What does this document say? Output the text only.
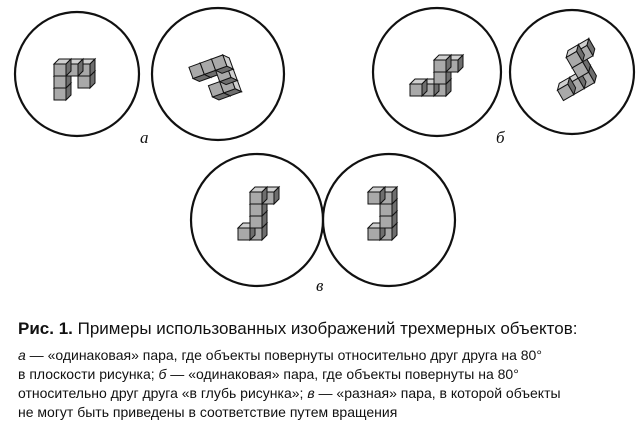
а	б
в
Рис. 1. Примеры использованных изображений трехмерных объектов:

а — «одинаковая» пара, где объекты повернуты относительно друг друга на 80°

в плоскости рисунка; б — «одинаковая» пара, где объекты повернуты на 80°

относительно друг друга «в глубь рисунка»; в — «разная» пара, в которой объекты

не могут быть приведены в соответствие путем вращения
